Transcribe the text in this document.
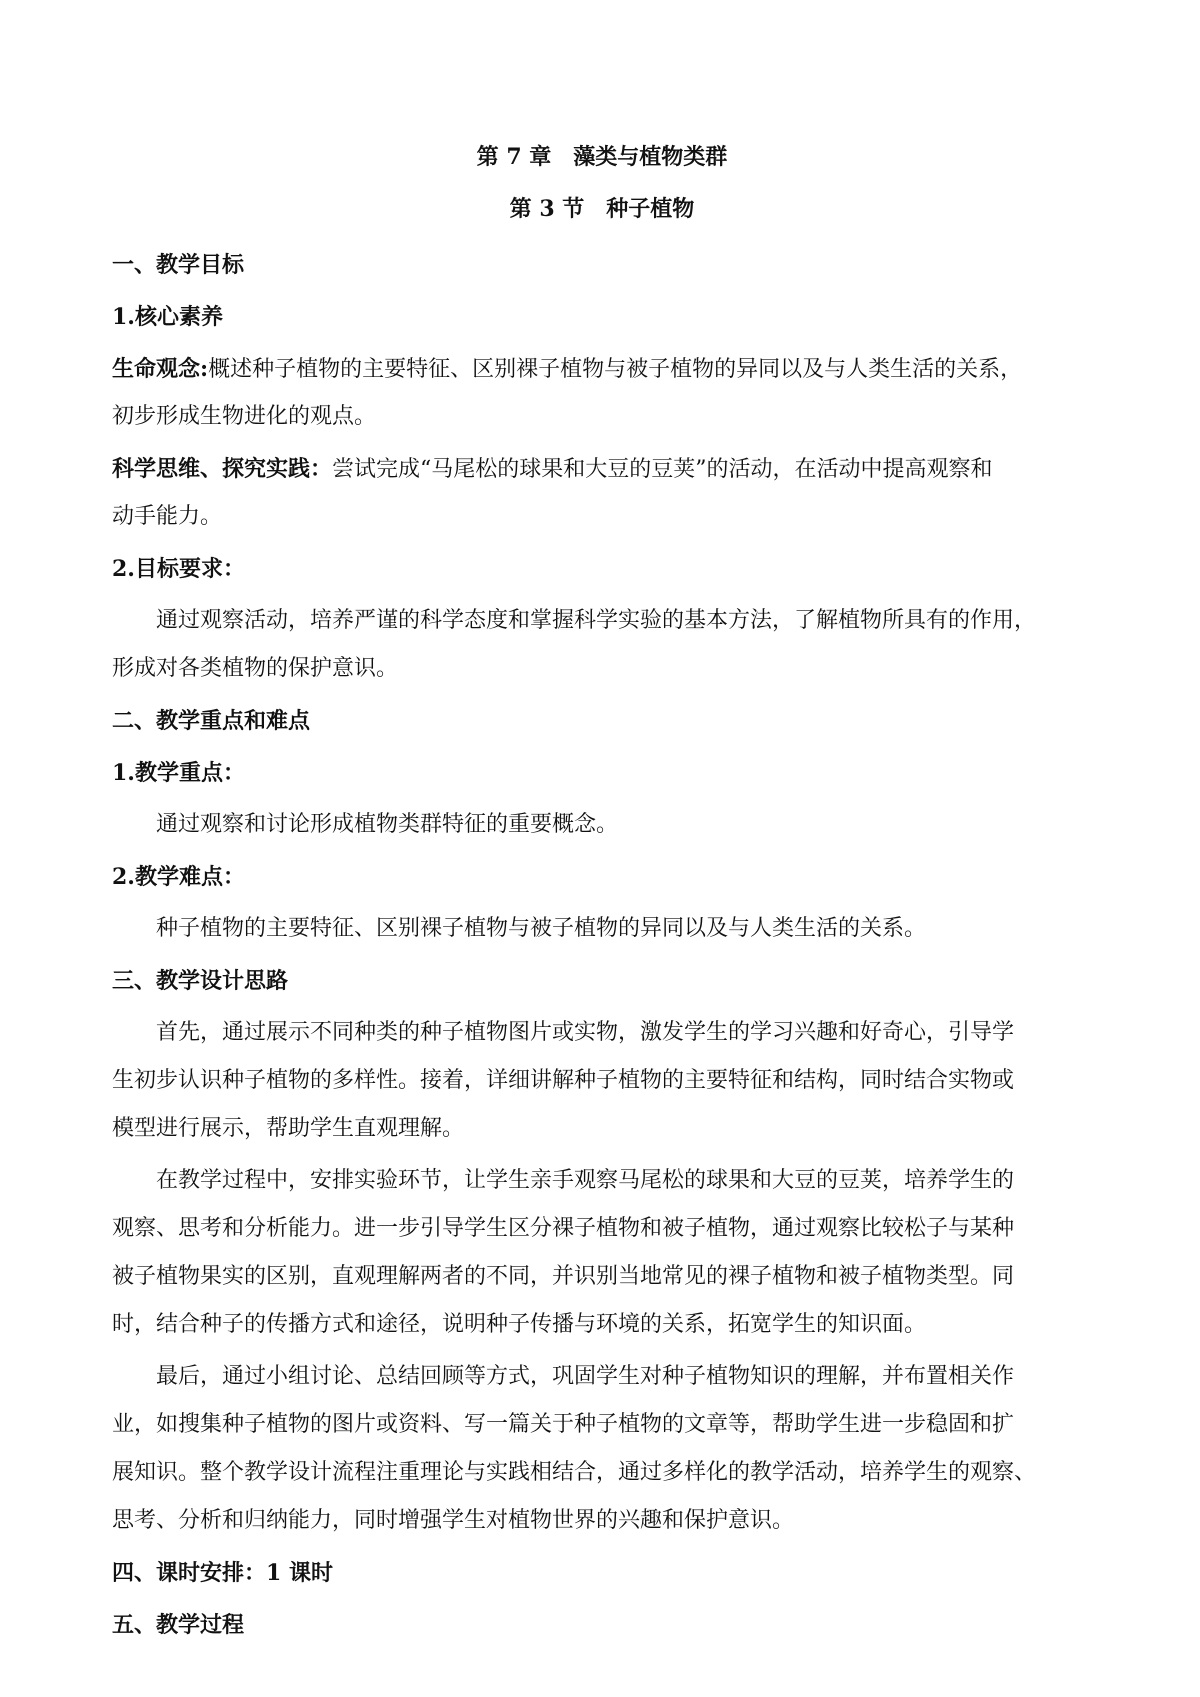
第 7 章　藻类与植物类群
第 3 节　种子植物
一、教学目标
1.核心素养
生命观念:概述种子植物的主要特征、区别裸子植物与被子植物的异同以及与人类生活的关系，
初步形成生物进化的观点。
科学思维、探究实践：尝试完成“马尾松的球果和大豆的豆荚”的活动，在活动中提高观察和
动手能力。
2.目标要求：
通过观察活动，培养严谨的科学态度和掌握科学实验的基本方法，了解植物所具有的作用，
形成对各类植物的保护意识。
二、教学重点和难点
1.教学重点：
通过观察和讨论形成植物类群特征的重要概念。
2.教学难点：
种子植物的主要特征、区别裸子植物与被子植物的异同以及与人类生活的关系。
三、教学设计思路
首先，通过展示不同种类的种子植物图片或实物，激发学生的学习兴趣和好奇心，引导学
生初步认识种子植物的多样性。接着，详细讲解种子植物的主要特征和结构，同时结合实物或
模型进行展示，帮助学生直观理解。
在教学过程中，安排实验环节，让学生亲手观察马尾松的球果和大豆的豆荚，培养学生的
观察、思考和分析能力。进一步引导学生区分裸子植物和被子植物，通过观察比较松子与某种
被子植物果实的区别，直观理解两者的不同，并识别当地常见的裸子植物和被子植物类型。同
时，结合种子的传播方式和途径，说明种子传播与环境的关系，拓宽学生的知识面。
最后，通过小组讨论、总结回顾等方式，巩固学生对种子植物知识的理解，并布置相关作
业，如搜集种子植物的图片或资料、写一篇关于种子植物的文章等，帮助学生进一步稳固和扩
展知识。整个教学设计流程注重理论与实践相结合，通过多样化的教学活动，培养学生的观察、
思考、分析和归纳能力，同时增强学生对植物世界的兴趣和保护意识。
四、课时安排：1 课时
五、教学过程
